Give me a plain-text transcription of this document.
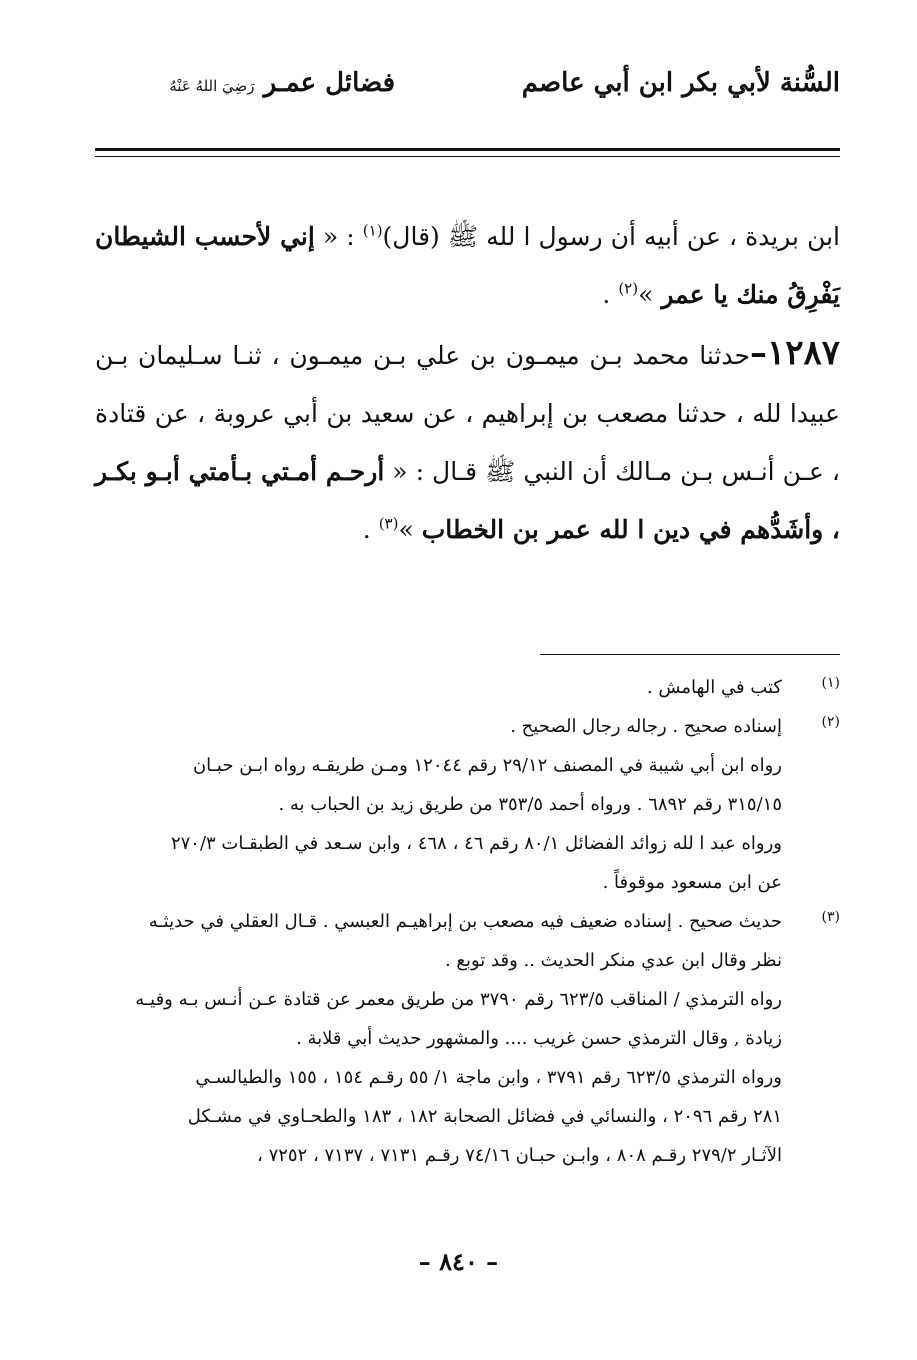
السُّنة لأبي بكر ابن أبي عاصم
فضائل عمـر رَضِيَ اللهُ عَنْهُ

ابن بريدة ، عن أبيه أن رسول ا لله ﷺ (قال)$^{(١)}$ : « إني لأحسب الشيطان يَفْرِقُ منك يا عمر »$^{(٢)}$ .

١٢٨٧–حدثنا محمد بـن ميمـون بن علي بـن ميمـون ، ثنـا سـليمان بـن عبيدا لله ، حدثنا مصعب بن إبراهيم ، عن سعيد بن أبي عروبة ، عن قتادة ، عـن أنـس بـن مـالك أن النبي ﷺ قـال : « أرحـم أمـتي بـأمتي أبـو بكـر ، وأشَدُّهم في دين ا لله عمر بن الخطاب »$^{(٣)}$ .

(١)
كتب في الهامش .
(٢)
إسناده صحيح . رجاله رجال الصحيح .
رواه ابن أبي شيبة في المصنف ٢٩/١٢ رقم ١٢٠٤٤ ومـن طريقـه رواه ابـن حبـان
٣١٥/١٥ رقم ٦٨٩٢ . ورواه أحمد ٣٥٣/٥ من طريق زيد بن الحباب به .
ورواه عبد ا لله زوائد الفضائل ٨٠/١ رقم ٤٦ ، ٤٦٨ ، وابن سـعد في الطبقـات ٢٧٠/٣
عن ابن مسعود موقوفاً .
(٣)
حديث صحيح . إسناده ضعيف فيه مصعب بن إبراهيـم العبسي . قـال العقلي في حديثـه
نظر وقال ابن عدي منكر الحديث .. وقد توبع .
رواه الترمذي / المناقب ٦٢٣/٥ رقم ٣٧٩٠ من طريق معمر عن قتادة عـن أنـس بـه وفيـه
زيادة , وقال الترمذي حسن غريب .... والمشهور حديث أبي قلابة .
ورواه الترمذي ٦٢٣/٥ رقم ٣٧٩١ ، وابن ماجة ١/ ٥٥ رقـم ١٥٤ ، ١٥٥ والطيالسـي
٢٨١ رقم ٢٠٩٦ ، والنسائي في فضائل الصحابة ١٨٢ ، ١٨٣ والطحـاوي في مشـكل
الآثـار ٢٧٩/٢ رقـم ٨٠٨ ، وابـن حبـان ٧٤/١٦ رقـم ٧١٣١ ، ٧١٣٧ ، ٧٢٥٢ ،
– ٨٤٠ –
